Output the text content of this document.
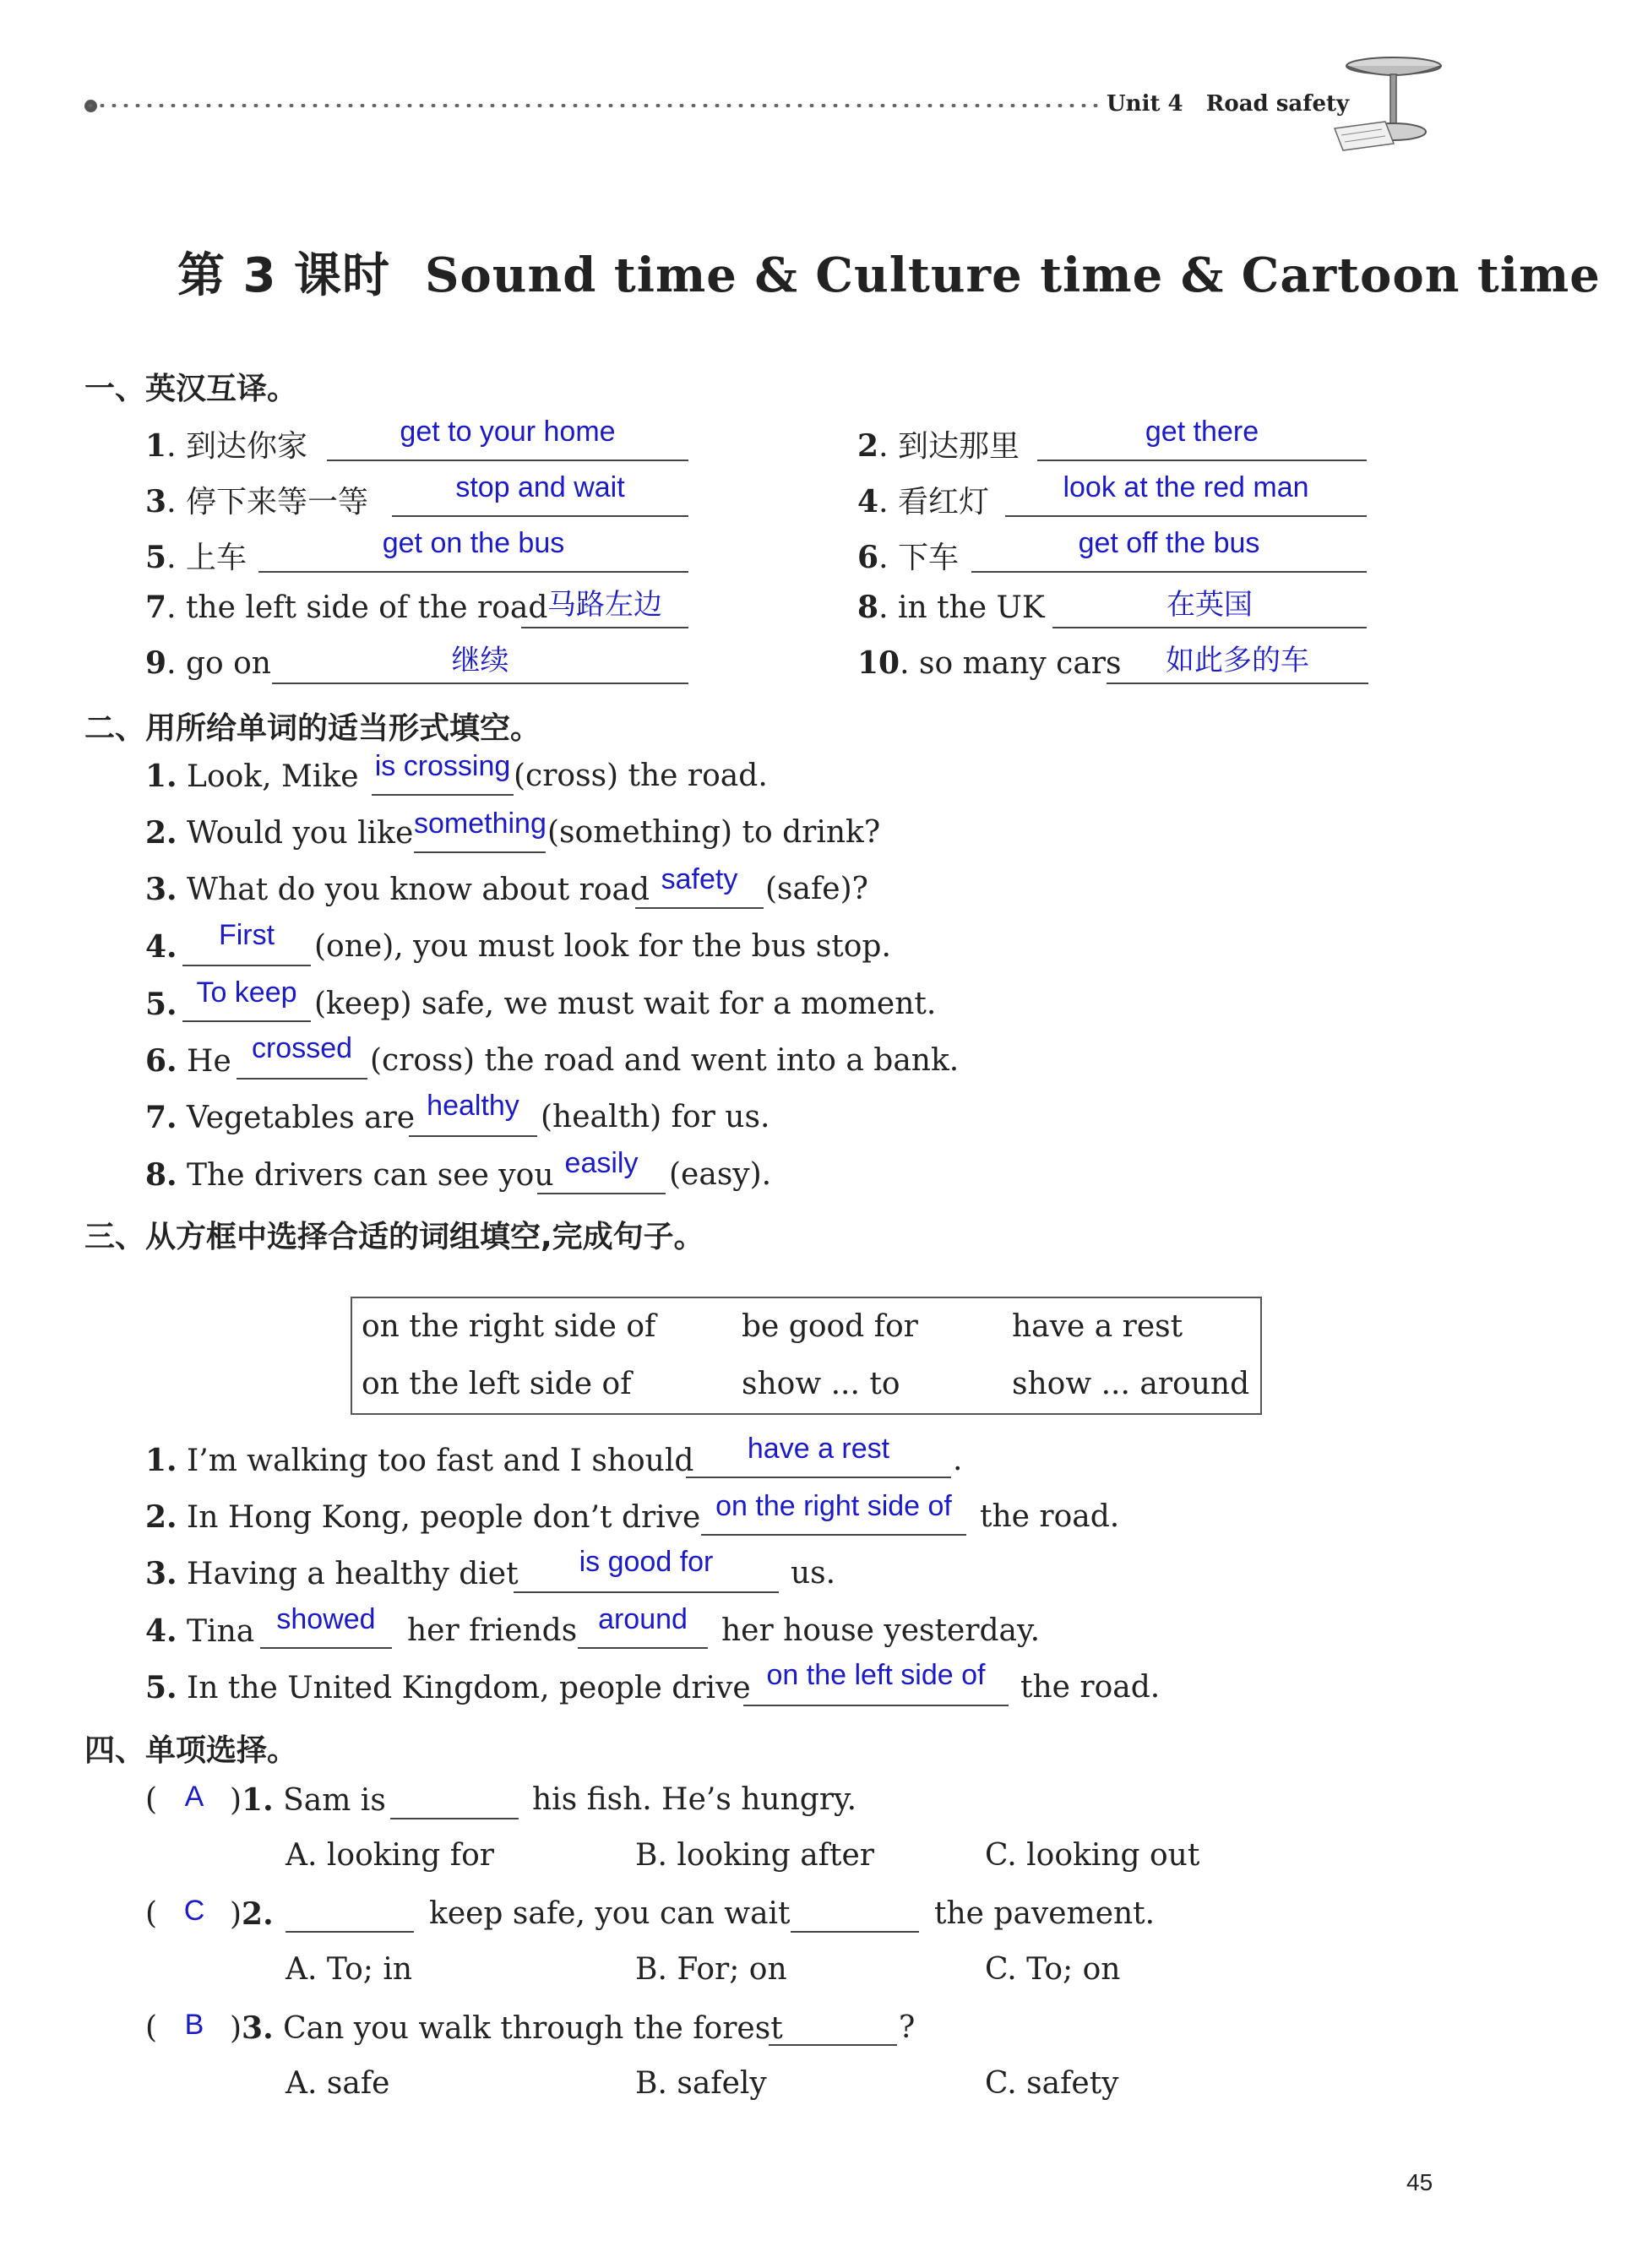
Unit 4 Road safety
第 3 课时 Sound time & Culture time & Cartoon time
一、英汉互译。
1. 到达你家	get to your home	2. 到达那里	get there
3. 停下来等一等	stop and wait	4. 看红灯	look at the red man
5. 上车	get on the bus	6. 下车	get off the bus
7. the left side of the road 马路左边	8. in the UK	在英国
9. go on	继续	10. so many cars	如此多的车
二、用所给单词的适当形式填空。
1. Look, Mike is crossing (cross) the road.
2. Would you like something (something) to drink?
3. What do you know about road safety (safe)?
4.	First	(one), you must look for the bus stop.
5. To keep (keep) safe, we must wait for a moment.
6. He crossed (cross) the road and went into a bank.
7. Vegetables are healthy (health) for us.
8. The drivers can see you easily	(easy).
三、从方框中选择合适的词组填空,完成句子。
on the right side of	be good for	have a rest
on the left side of	show ... to	show ... around
1. I’m walking too fast and I should	have a rest	.
2. In Hong Kong, people don’t drive on the right side of the road.
3. Having a healthy diet	is good for	us.
4. Tina showed	her friends around	her house yesterday.
5. In the United Kingdom, people drive on the left side of	the road.
四、单项选择。
( A )1. Sam is	his fish. He’s hungry.
A. looking for	B. looking after	C. looking out
( C )2.	keep safe, you can wait	the pavement.
A. To; in	B. For; on	C. To; on
( B )3. Can you walk through the forest	?
A. safe	B. safely	C. safety
45
